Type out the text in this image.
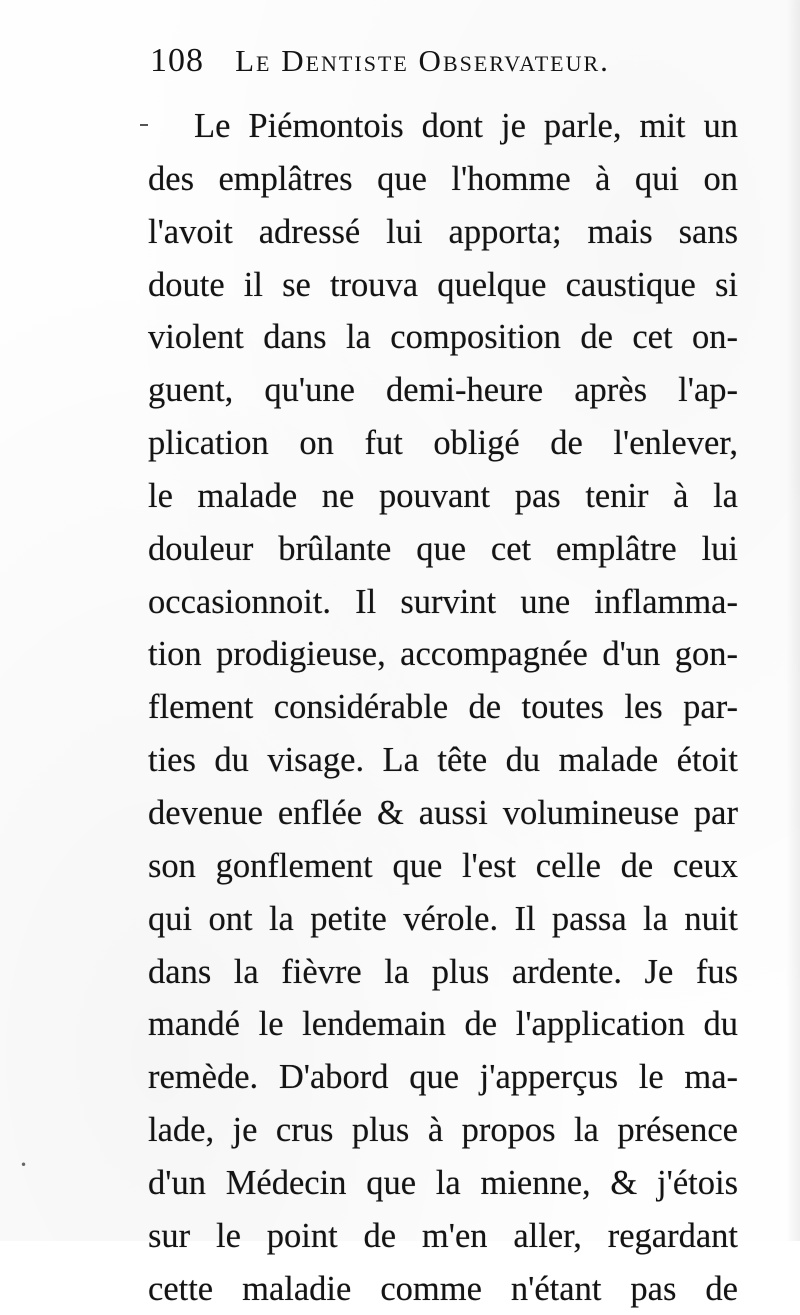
108 Le Dentiste Observateur.
Le Piémontois dont je parle, mit un
des emplâtres que l'homme à qui on
l'avoit adressé lui apporta; mais sans
doute il se trouva quelque caustique si
violent dans la composition de cet on-
guent, qu'une demi-heure après l'ap-
plication on fut obligé de l'enlever,
le malade ne pouvant pas tenir à la
douleur brûlante que cet emplâtre lui
occasionnoit. Il survint une inflamma-
tion prodigieuse, accompagnée d'un gon-
flement considérable de toutes les par-
ties du visage. La tête du malade étoit
devenue enflée & aussi volumineuse par
son gonflement que l'est celle de ceux
qui ont la petite vérole. Il passa la nuit
dans la fièvre la plus ardente. Je fus
mandé le lendemain de l'application du
remède. D'abord que j'apperçus le ma-
lade, je crus plus à propos la présence
d'un Médecin que la mienne, & j'étois
sur le point de m'en aller, regardant
cette maladie comme n'étant pas de
•
